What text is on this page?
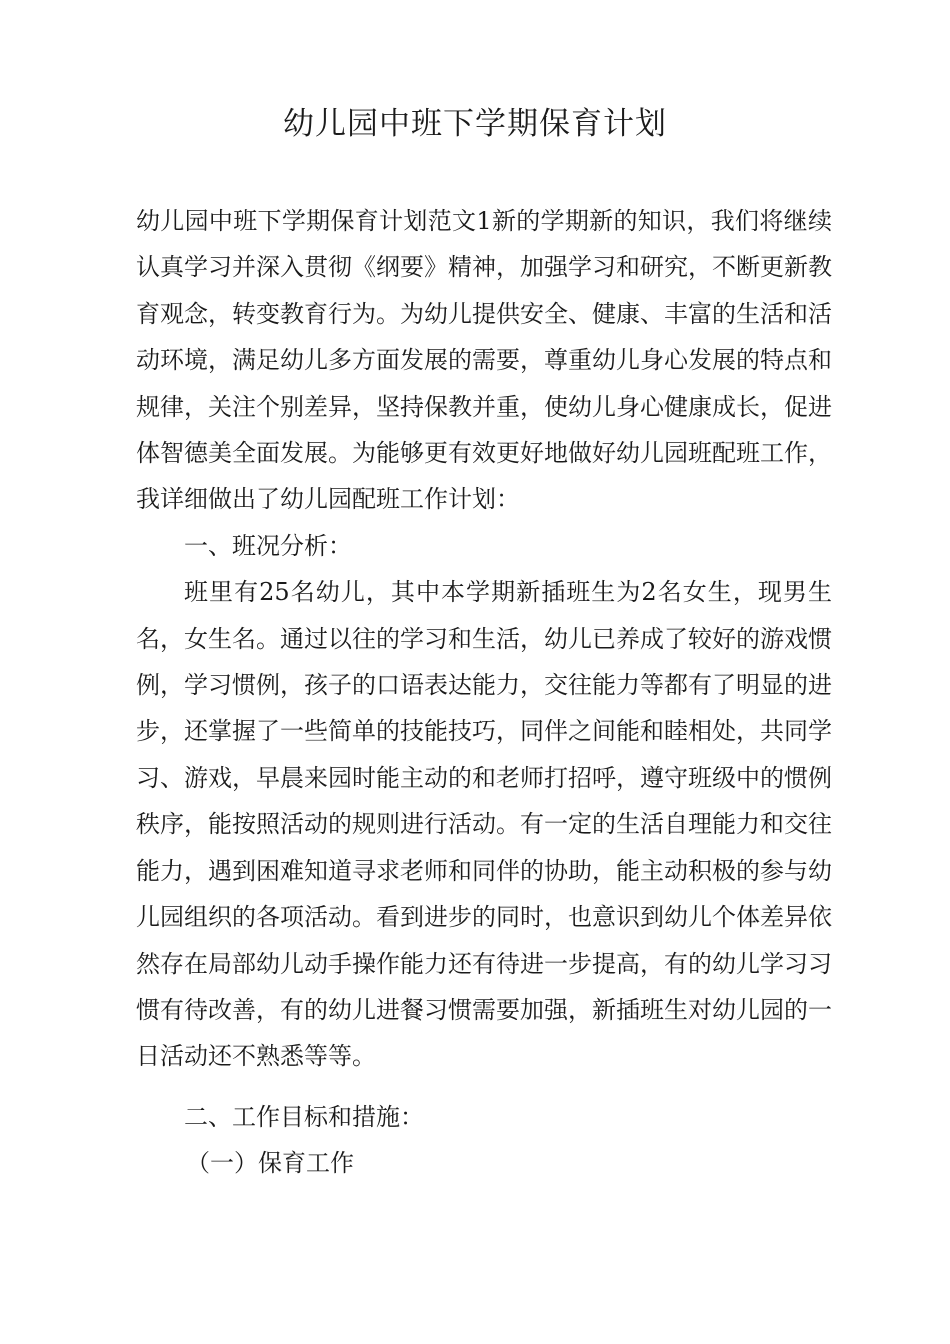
幼儿园中班下学期保育计划

幼儿园中班下学期保育计划范文1新的学期新的知识，我们将继续认真学习并深入贯彻《纲要》精神，加强学习和研究，不断更新教育观念，转变教育行为。为幼儿提供安全、健康、丰富的生活和活动环境，满足幼儿多方面发展的需要，尊重幼儿身心发展的特点和规律，关注个别差异，坚持保教并重，使幼儿身心健康成长，促进体智德美全面发展。为能够更有效更好地做好幼儿园班配班工作，我详细做出了幼儿园配班工作计划：

一、班况分析：

班里有25名幼儿，其中本学期新插班生为2名女生，现男生名，女生名。通过以往的学习和生活，幼儿已养成了较好的游戏惯例，学习惯例，孩子的口语表达能力，交往能力等都有了明显的进步，还掌握了一些简单的技能技巧，同伴之间能和睦相处，共同学习、游戏，早晨来园时能主动的和老师打招呼，遵守班级中的惯例秩序，能按照活动的规则进行活动。有一定的生活自理能力和交往能力，遇到困难知道寻求老师和同伴的协助，能主动积极的参与幼儿园组织的各项活动。看到进步的同时，也意识到幼儿个体差异依然存在局部幼儿动手操作能力还有待进一步提高，有的幼儿学习习惯有待改善，有的幼儿进餐习惯需要加强，新插班生对幼儿园的一日活动还不熟悉等等。

二、工作目标和措施：

（一）保育工作
